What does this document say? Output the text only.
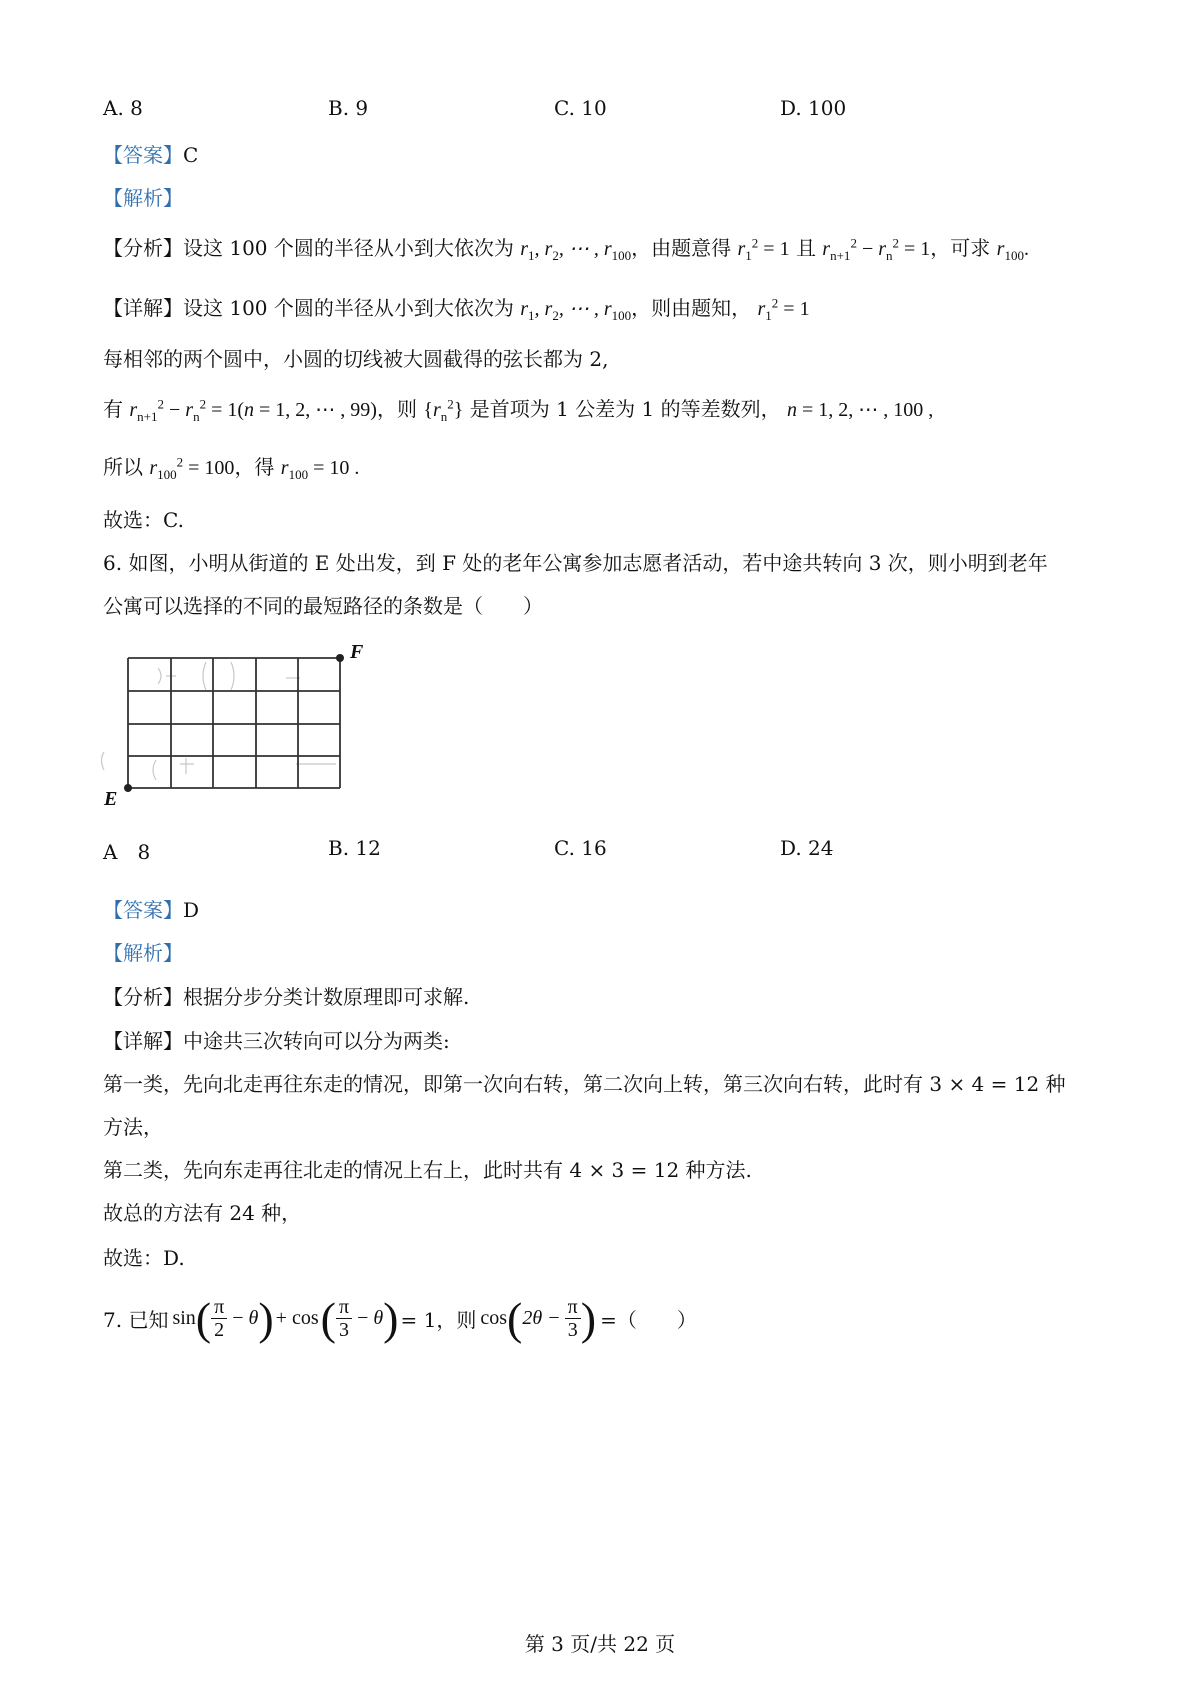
A. 8	B. 9	C. 10	D. 100
【答案】C
【解析】
【分析】设这 100 个圆的半径从小到大依次为 $r_1$, $r_2$, ⋯ , $r_{100}$，由题意得 $r_1^2 = 1$ 且 $r_{n+1}^2 - r_n^2 = 1$，可求 $r_{100}$.
【详解】设这 100 个圆的半径从小到大依次为 $r_1$, $r_2$, ⋯ , $r_{100}$，则由题知， $r_1^2 = 1$
每相邻的两个圆中，小圆的切线被大圆截得的弦长都为 2,
有 $r_{n+1}^2 - r_n^2 = 1(n = 1$, 2, ⋯ , 99)，则 $\{r_n^2\}$ 是首项为 1 公差为 1 的等差数列， n = 1, 2, ⋯ , 100 ,
所以 $r_{100}^2 = 100$，得 $r_{100} = 10$ .
故选：C.
6. 如图，小明从街道的 E 处出发，到 F 处的老年公寓参加志愿者活动，若中途共转向 3 次，则小明到老年
公寓可以选择的不同的最短路径的条数是（　　）
E
F
A　8	B. 12	C. 16	D. 24
【答案】D
【解析】
【分析】根据分步分类计数原理即可求解.
【详解】中途共三次转向可以分为两类:
第一类，先向北走再往东走的情况，即第一次向右转，第二次向上转，第三次向右转，此时有 3 × 4 = 12 种
方法，
第二类，先向东走再往北走的情况上右上，此时共有 4 × 3 = 12 种方法.
故总的方法有 24 种，
故选：D.
7. 已知 sin ( $\frac{\pi}{2} - \theta$ ) + cos ( $\frac{\pi}{3} - \theta$ ) = 1，则 cos ( $2\theta - \frac{\pi}{3}$ ) =（　　）
第 3 页/共 22 页
